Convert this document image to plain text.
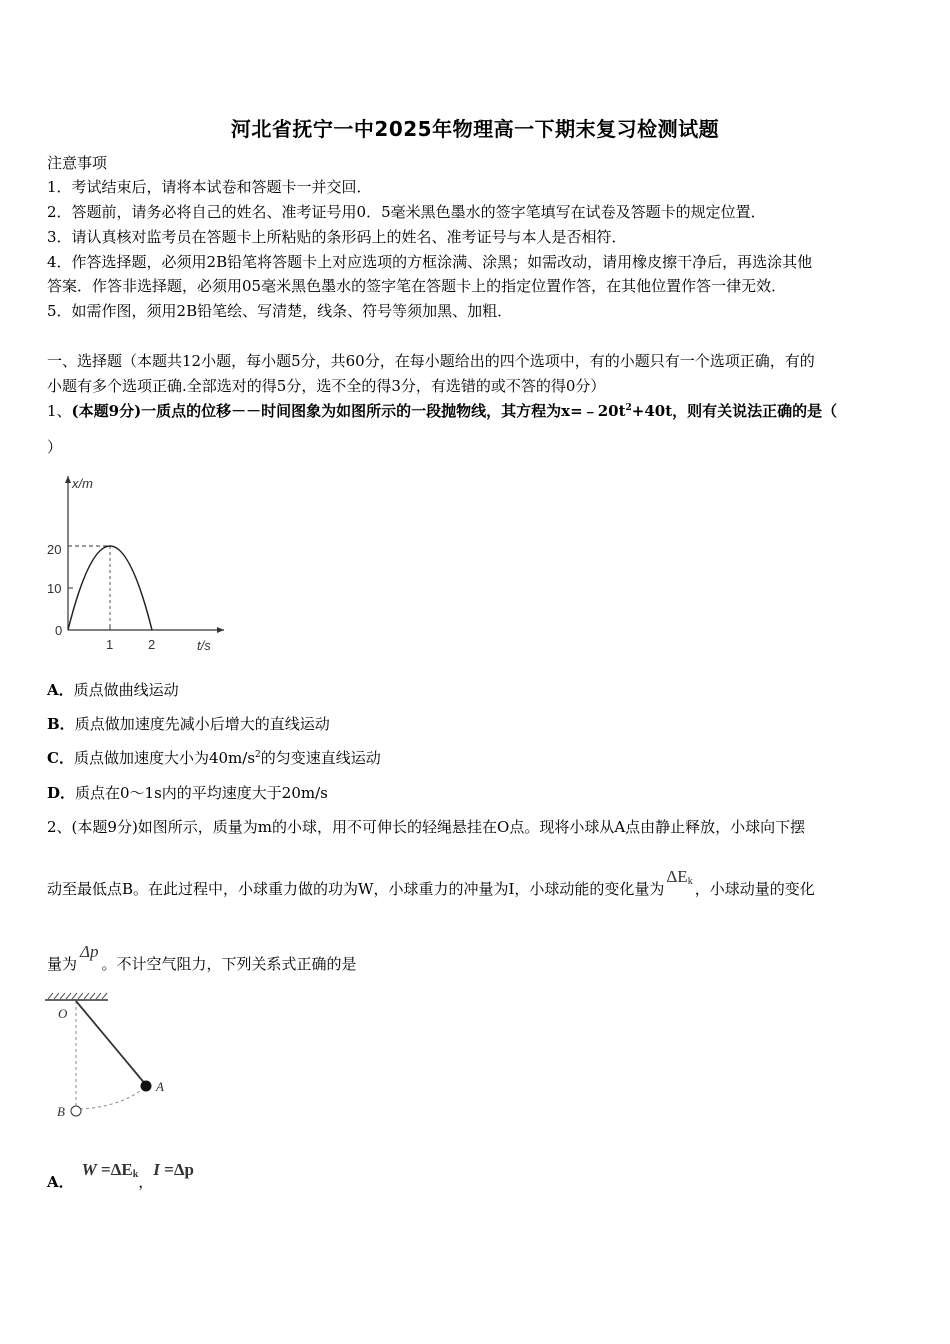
河北省抚宁一中2025年物理高一下期末复习检测试题
注意事项
1．考试结束后，请将本试卷和答题卡一并交回．
2．答题前，请务必将自己的姓名、准考证号用0．5毫米黑色墨水的签字笔填写在试卷及答题卡的规定位置．
3．请认真核对监考员在答题卡上所粘贴的条形码上的姓名、准考证号与本人是否相符．
4．作答选择题，必须用2B铅笔将答题卡上对应选项的方框涂满、涂黑；如需改动，请用橡皮擦干净后，再选涂其他
答案．作答非选择题，必须用05毫米黑色墨水的签字笔在答题卡上的指定位置作答，在其他位置作答一律无效．
5．如需作图，须用2B铅笔绘、写清楚，线条、符号等须加黑、加粗．
一、选择题（本题共12小题，每小题5分，共60分，在每小题给出的四个选项中，有的小题只有一个选项正确，有的
小题有多个选项正确.全部选对的得5分，选不全的得3分，有选错的或不答的得0分）
1、(本题9分)一质点的位移－－时间图象为如图所示的一段抛物线，其方程为$x=﹣20t^2+40t$，则有关说法正确的是（
）
x/m
t/s
20
10
0
1	2
A．质点做曲线运动
B．质点做加速度先减小后增大的直线运动
C．质点做加速度大小为$40m/s^2$的匀变速直线运动
D．质点在0～1s内的平均速度大于20m/s
2、(本题9分)如图所示，质量为m的小球，用不可伸长的轻绳悬挂在O点。现将小球从A点由静止释放，小球向下摆
动至最低点B。在此过程中，小球重力做的功为W，小球重力的冲量为I，小球动能的变化量为$\Delta E_k$ ，小球动量的变化
量为Δp。不计空气阻力，下列关系式正确的是
O
A
B
A．$W =\Delta E_k$，I =Δp
